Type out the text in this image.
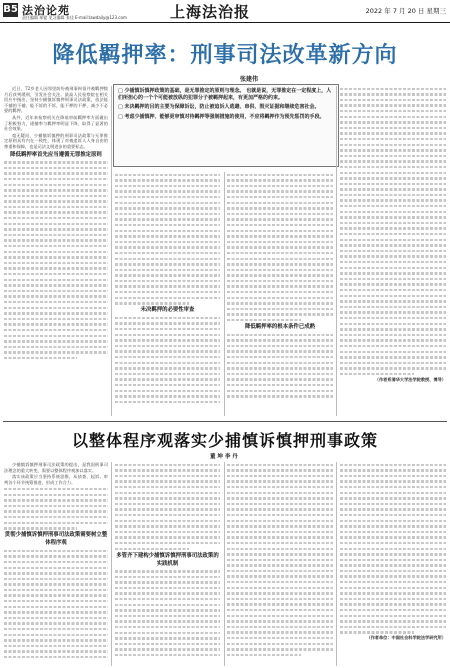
B5 法治论苑
责任编辑 邢婴 见习编辑 张佳 E-mail:lawdaily@123.com	上海法治报	2022 年 7 月 20 日 星期三
降低羁押率：刑事司法改革新方向
张建伟

□ 少捕慎诉慎押政策的基础，是无罪推定的原则与理念。 也就是说，无罪推定在一定程度上，人们所担心的一个个可能被放纵的犯罪分子被羁押起来，有更加严格的约束。

□ 未决羁押的目的主要为保障诉讼，防止被追诉人逃避、串供、毁灭证据和继续危害社会。

□ 考虑少捕慎押、能够更审慎对待羁押等强制措施的使用，不应将羁押作为预先惩罚的手段。

近日，72岁老人因邻里纠纷被刑事拘留并被羁押数月后获判缓刑，引发社会关注。最高人民检察院在相关回应中指出，坚持少捕慎诉慎押刑事司法政策，依法能不捕的不捕，能不诉的不诉，能不押的不押，减少不必要的羁押。

从外，近年来检察机关在降低审前羁押率方面做出了积极努力，逮捕率与羁押率明显下降，取得了显著的社会效果。

毫无疑问，少捕慎诉慎押的刑事司法政策与无罪推定原则具有内在一致性，体现了对被追诉人人身自由的尊重和保障，也是司法文明进步的重要标志。

降低羁押率首先应当遵循无罪推定原则

未决羁押的必要性审查

降低羁押率的根本条件已成熟

（作者系清华大学法学院教授、博导）

以整体程序观落实少捕慎诉慎押刑事政策
董 坤 李 丹

少捕慎诉慎押刑事司法政策的提出，是我国刑事司法理念的重大转变，需要以整体程序观加以落实。

落实该政策应当坚持系统思维，从侦查、起诉、审判各个环节统筹推进，形成工作合力。

贯彻少捕慎诉慎押刑事司法政策需要树立整体程序观

多管齐下建构少捕慎诉慎押刑事司法政策的实践机制

（作者单位：中国社会科学院法学研究所）
